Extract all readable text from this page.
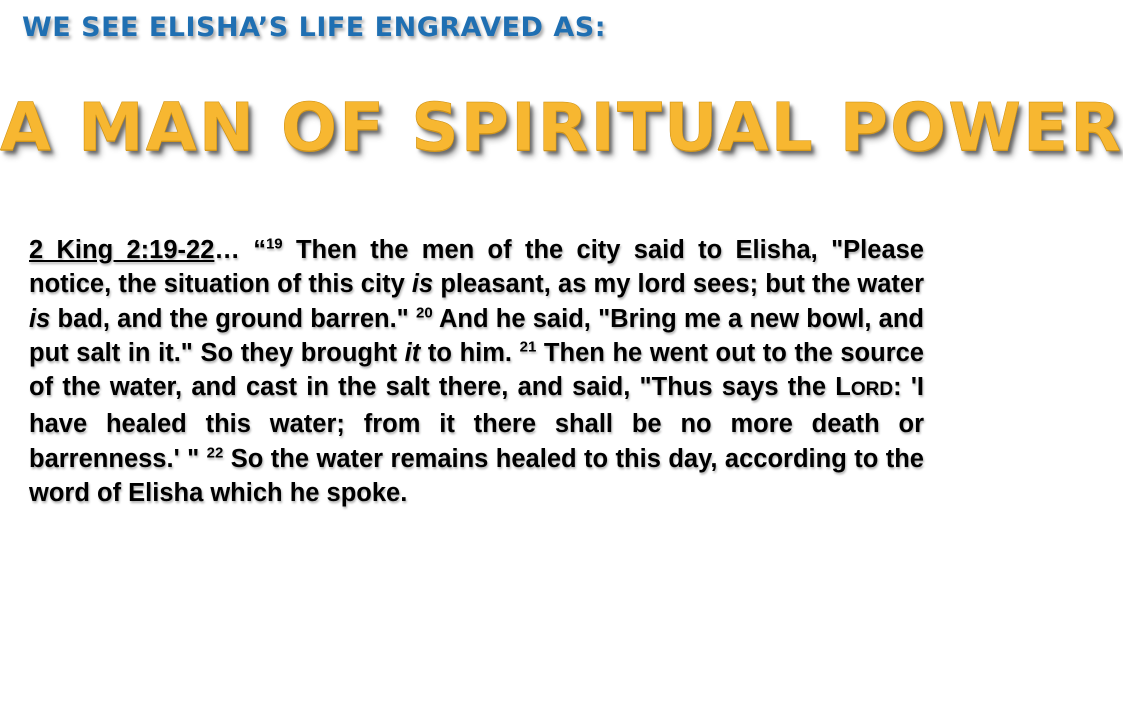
WE SEE ELISHA’S LIFE ENGRAVED AS:
A MAN OF SPIRITUAL POWER

2 King 2:19-22… “$^{19}$ Then the men of the city said to Elisha, "Please notice, the situation of this city is pleasant, as my lord sees; but the water is bad, and the ground barren." $^{20}$ And he said, "Bring me a new bowl, and put salt in it." So they brought it to him. $^{21}$ Then he went out to the source of the water, and cast in the salt there, and said, "Thus says the LORD: 'I have healed this water; from it there shall be no more death or barrenness.' " $^{22}$ So the water remains healed to this day, according to the word of Elisha which he spoke.
